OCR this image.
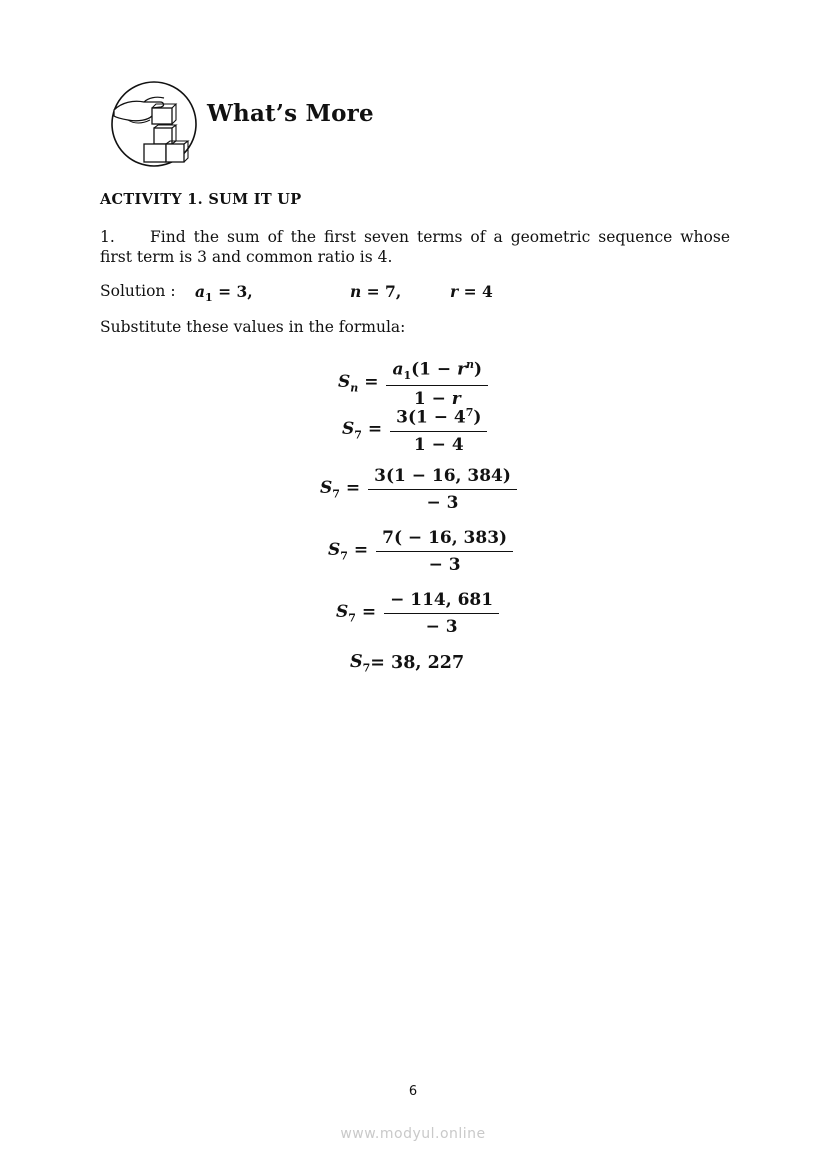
What’s More
ACTIVITY 1. SUM IT UP
1. Find the sum of the first seven terms of a geometric sequence whose first term is 3 and common ratio is 4.
Solution : $a_1 = 3$,	n = 7,	r = 4
Substitute these values in the formula:
$S_n = \frac{a_1(1 - r^n)}{1 - r}$
$S_7 = \frac{3(1 - 4^7)}{1 - 4}$
$S_7 = \frac{3(1 - 16, 384)}{- 3}$
$S_7 = \frac{7( - 16, 383)}{- 3}$
$S_7 = \frac{- 114, 681}{- 3}$
$S_7 = 38$, 227
6
www.modyul.online
